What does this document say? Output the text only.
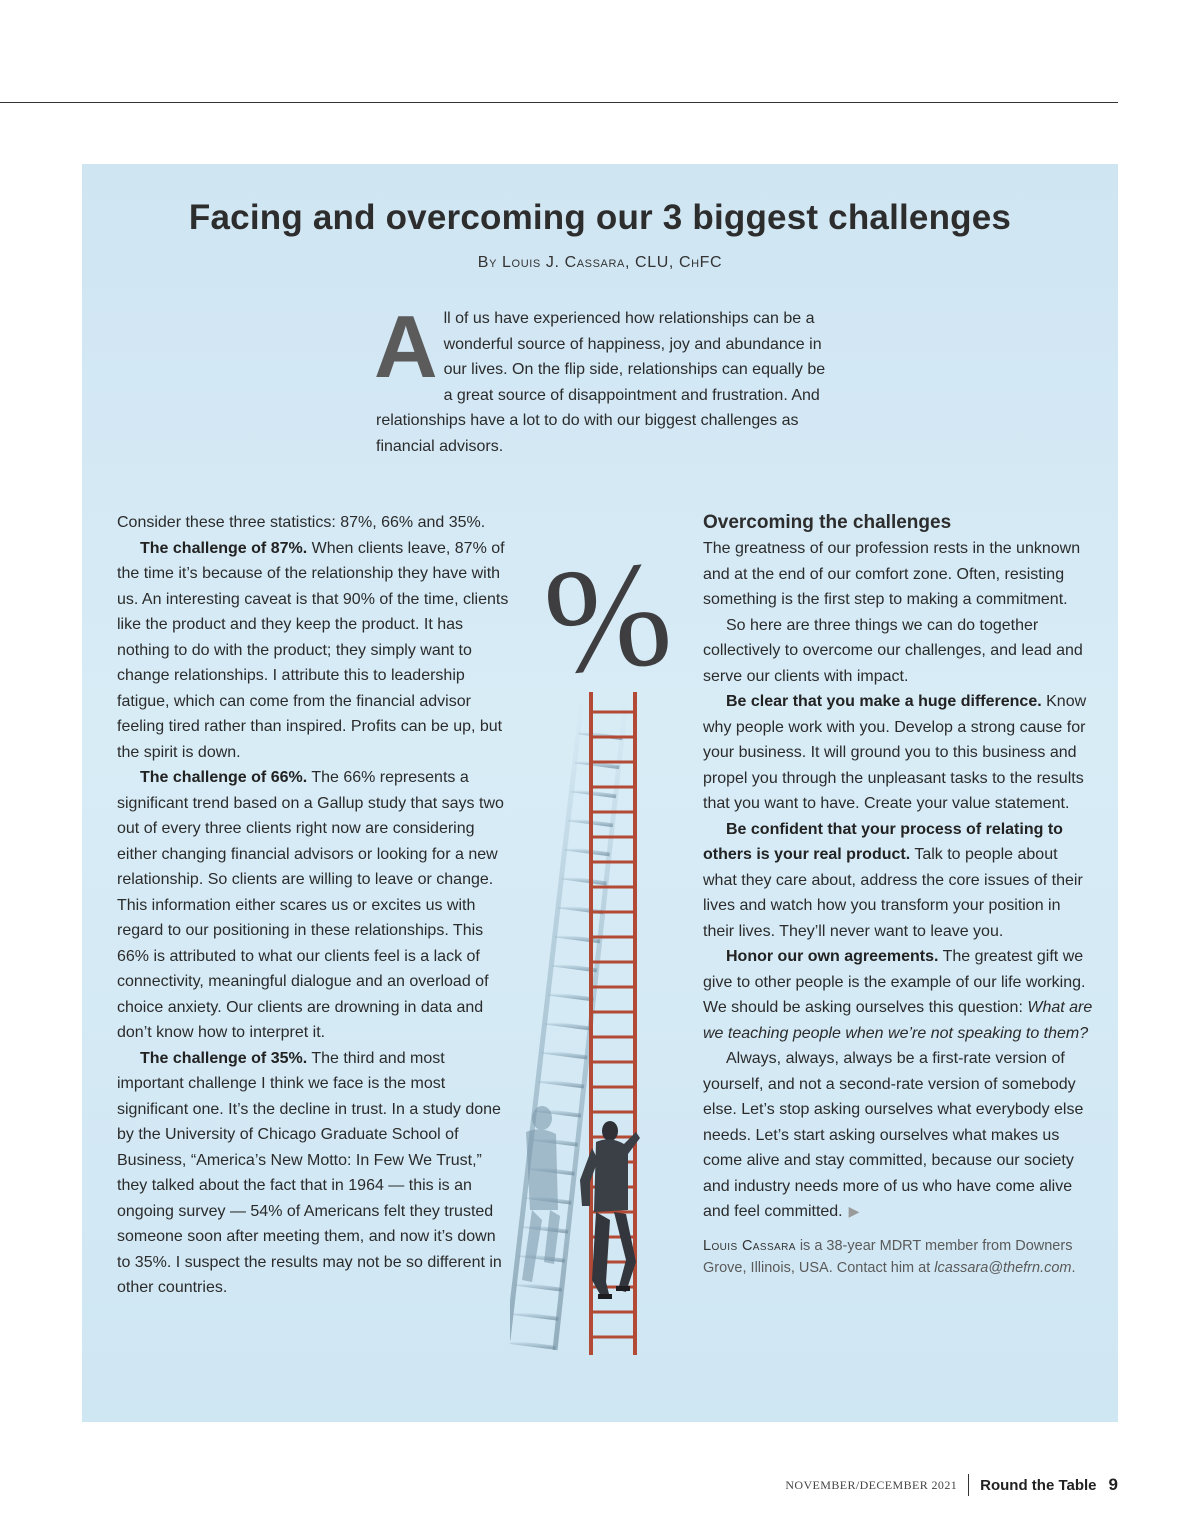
Facing and overcoming our 3 biggest challenges
By Louis J. Cassara, CLU, ChFC

All of us have experienced how relationships can be a wonderful source of happiness, joy and abundance in our lives. On the flip side, relationships can equally be a great source of disappointment and frustration. And relationships have a lot to do with our biggest challenges as financial advisors.

Consider these three statistics: 87%, 66% and 35%.

The challenge of 87%. When clients leave, 87% of the time it’s because of the relationship they have with us. An interesting caveat is that 90% of the time, clients like the product and they keep the product. It has nothing to do with the product; they simply want to change relationships. I attribute this to leadership fatigue, which can come from the financial advisor feeling tired rather than inspired. Profits can be up, but the spirit is down.

The challenge of 66%. The 66% represents a significant trend based on a Gallup study that says two out of every three clients right now are considering either changing financial advisors or looking for a new relationship. So clients are willing to leave or change. This information either scares us or excites us with regard to our positioning in these relationships. This 66% is attributed to what our clients feel is a lack of connectivity, meaningful dialogue and an overload of choice anxiety. Our clients are drowning in data and don’t know how to interpret it.

The challenge of 35%. The third and most important challenge I think we face is the most significant one. It’s the decline in trust. In a study done by the University of Chicago Graduate School of Business, “America’s New Motto: In Few We Trust,” they talked about the fact that in 1964 — this is an ongoing survey — 54% of Americans felt they trusted someone soon after meeting them, and now it’s down to 35%. I suspect the results may not be so different in other countries.

%
Overcoming the challenges

The greatness of our profession rests in the unknown and at the end of our comfort zone. Often, resisting something is the first step to making a commitment.

So here are three things we can do together collectively to overcome our challenges, and lead and serve our clients with impact.

Be clear that you make a huge difference. Know why people work with you. Develop a strong cause for your business. It will ground you to this business and propel you through the unpleasant tasks to the results that you want to have. Create your value statement.

Be confident that your process of relating to others is your real product. Talk to people about what they care about, address the core issues of their lives and watch how you transform your position in their lives. They’ll never want to leave you.

Honor our own agreements. The greatest gift we give to other people is the example of our life working. We should be asking ourselves this question: What are we teaching people when we’re not speaking to them?

Always, always, always be a first-rate version of yourself, and not a second-rate version of somebody else. Let’s stop asking ourselves what everybody else needs. Let’s start asking ourselves what makes us come alive and stay committed, because our society and industry needs more of us who have come alive and feel committed. ▶

Louis Cassara is a 38-year MDRT member from Downers Grove, Illinois, USA. Contact him at lcassara@thefrn.com.

NOVEMBER/DECEMBER 2021 Round the Table 9
